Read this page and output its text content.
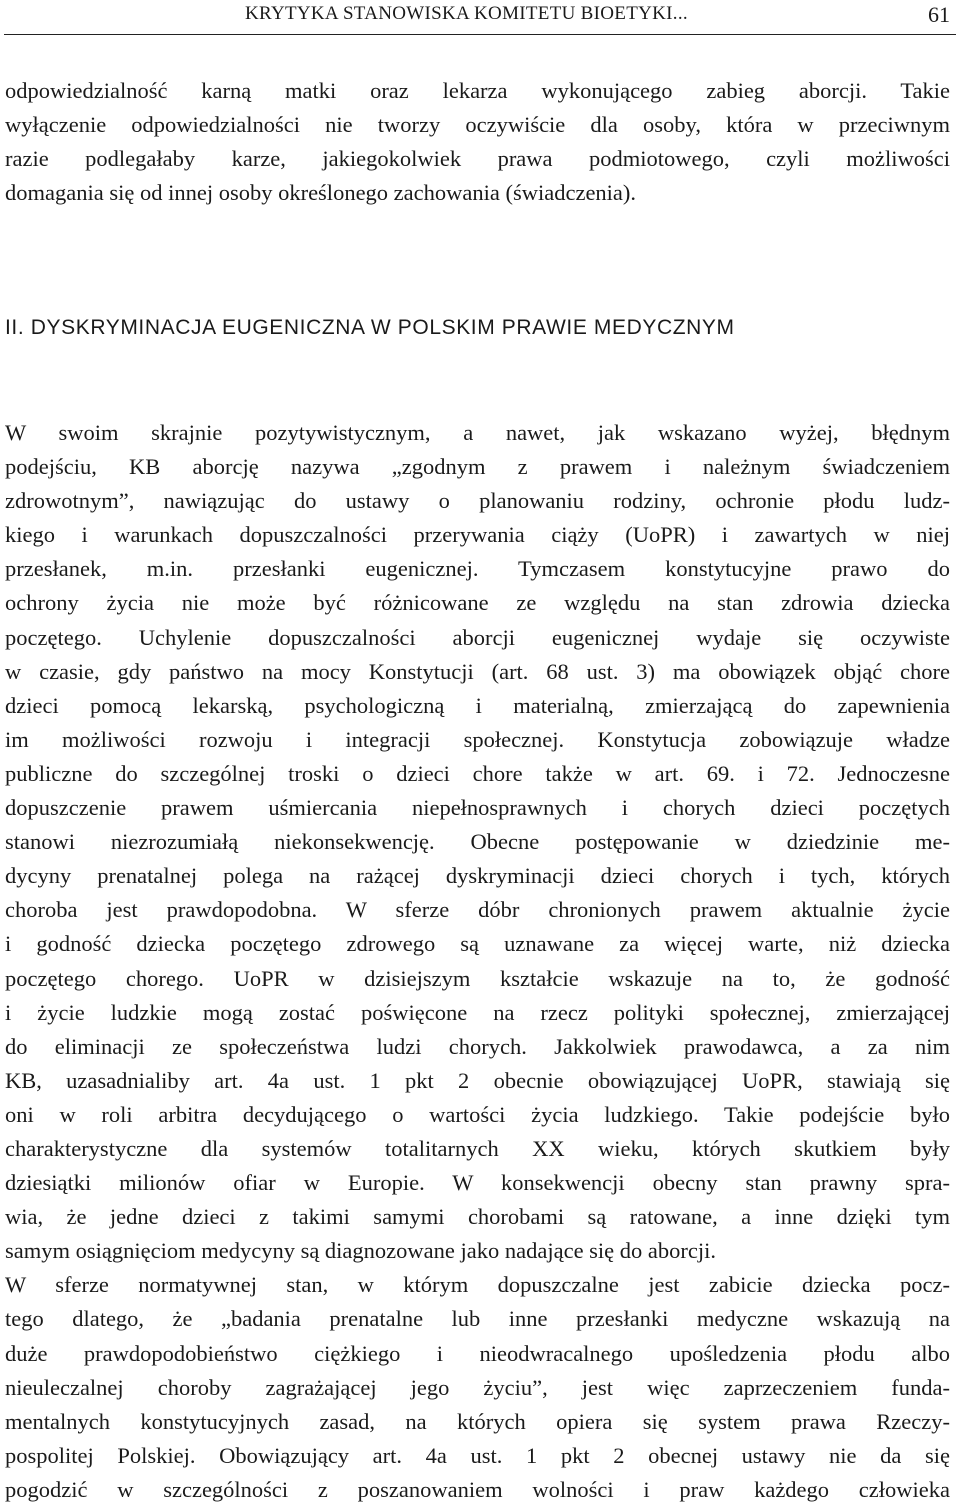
KRYTYKA STANOWISKA KOMITETU BIOETYKI...	61
odpowiedzialność karną matki oraz lekarza wykonującego zabieg aborcji. Takie
wyłączenie odpowiedzialności nie tworzy oczywiście dla osoby, która w przeciwnym
razie podlegałaby karze, jakiegokolwiek prawa podmiotowego, czyli możliwości
domagania się od innej osoby określonego zachowania (świadczenia).
II. DYSKRYMINACJA EUGENICZNA W POLSKIM PRAWIE MEDYCZNYM
W swoim skrajnie pozytywistycznym, a nawet, jak wskazano wyżej, błędnym
podejściu, KB aborcję nazywa „zgodnym z prawem i należnym świadczeniem
zdrowotnym”, nawiązując do ustawy o planowaniu rodziny, ochronie płodu ludz-
kiego i warunkach dopuszczalności przerywania ciąży (UoPR) i zawartych w niej
przesłanek, m.in. przesłanki eugenicznej. Tymczasem konstytucyjne prawo do
ochrony życia nie może być różnicowane ze względu na stan zdrowia dziecka
poczętego. Uchylenie dopuszczalności aborcji eugenicznej wydaje się oczywiste
w czasie, gdy państwo na mocy Konstytucji (art. 68 ust. 3) ma obowiązek objąć chore
dzieci pomocą lekarską, psychologiczną i materialną, zmierzającą do zapewnienia
im możliwości rozwoju i integracji społecznej. Konstytucja zobowiązuje władze
publiczne do szczególnej troski o dzieci chore także w art. 69. i 72. Jednoczesne
dopuszczenie prawem uśmiercania niepełnosprawnych i chorych dzieci poczętych
stanowi niezrozumiałą niekonsekwencję. Obecne postępowanie w dziedzinie me-
dycyny prenatalnej polega na rażącej dyskryminacji dzieci chorych i tych, których
choroba jest prawdopodobna. W sferze dóbr chronionych prawem aktualnie życie
i godność dziecka poczętego zdrowego są uznawane za więcej warte, niż dziecka
poczętego chorego. UoPR w dzisiejszym kształcie wskazuje na to, że godność
i życie ludzkie mogą zostać poświęcone na rzecz polityki społecznej, zmierzającej
do eliminacji ze społeczeństwa ludzi chorych. Jakkolwiek prawodawca, a za nim
KB, uzasadnialiby art. 4a ust. 1 pkt 2 obecnie obowiązującej UoPR, stawiają się
oni w roli arbitra decydującego o wartości życia ludzkiego. Takie podejście było
charakterystyczne dla systemów totalitarnych XX wieku, których skutkiem były
dziesiątki milionów ofiar w Europie. W konsekwencji obecny stan prawny spra-
wia, że jedne dzieci z takimi samymi chorobami są ratowane, a inne dzięki tym
samym osiągnięciom medycyny są diagnozowane jako nadające się do aborcji.
W sferze normatywnej stan, w którym dopuszczalne jest zabicie dziecka pocz-
tego dlatego, że „badania prenatalne lub inne przesłanki medyczne wskazują na
duże prawdopodobieństwo ciężkiego i nieodwracalnego upośledzenia płodu albo
nieuleczalnej choroby zagrażającej jego życiu”, jest więc zaprzeczeniem funda-
mentalnych konstytucyjnych zasad, na których opiera się system prawa Rzeczy-
pospolitej Polskiej. Obowiązujący art. 4a ust. 1 pkt 2 obecnej ustawy nie da się
pogodzić w szczególności z poszanowaniem wolności i praw każdego człowieka
